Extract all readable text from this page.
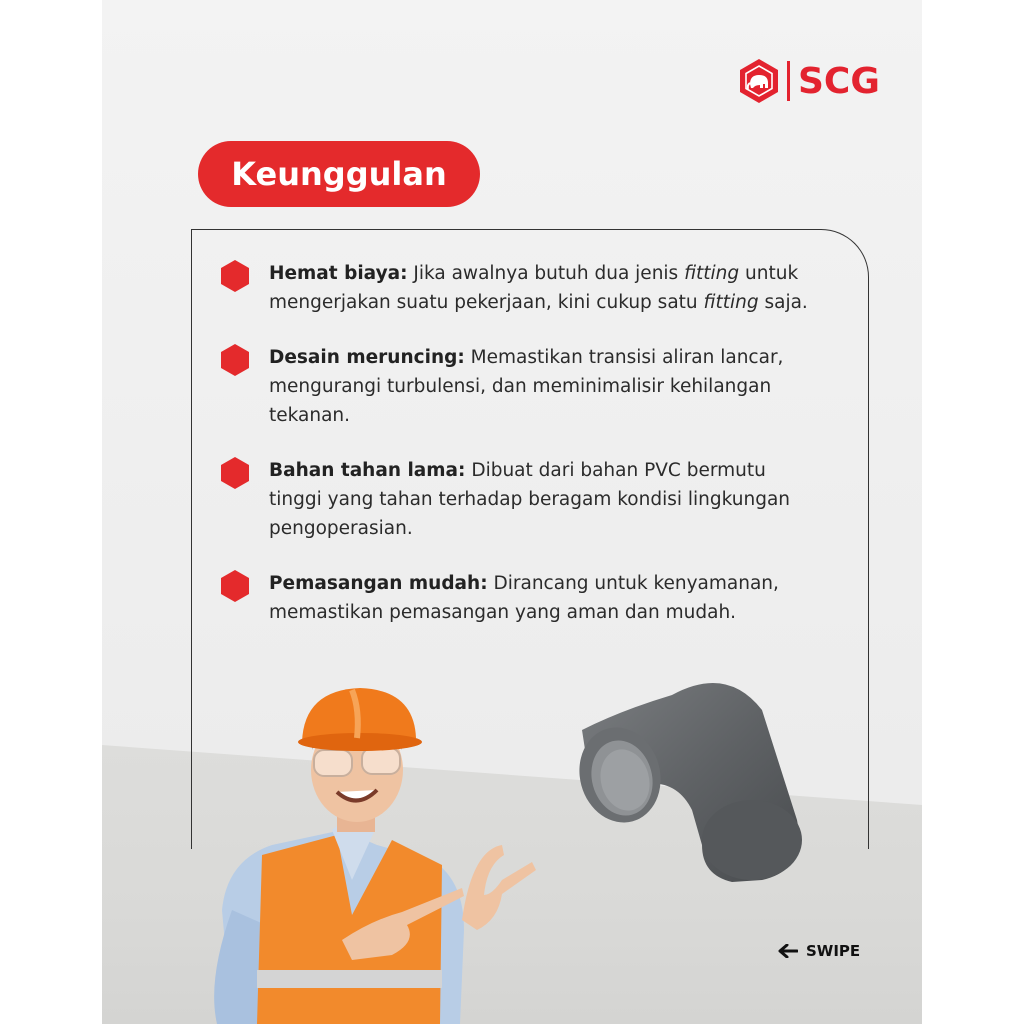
SCG
Keunggulan
Hemat biaya: Jika awalnya butuh dua jenis fitting untuk mengerjakan suatu pekerjaan, kini cukup satu fitting saja.
Desain meruncing: Memastikan transisi aliran lancar, mengurangi turbulensi, dan meminimalisir kehilangan tekanan.
Bahan tahan lama: Dibuat dari bahan PVC bermutu tinggi yang tahan terhadap beragam kondisi lingkungan pengoperasian.
Pemasangan mudah: Dirancang untuk kenyamanan, memastikan pemasangan yang aman dan mudah.
SWIPE
